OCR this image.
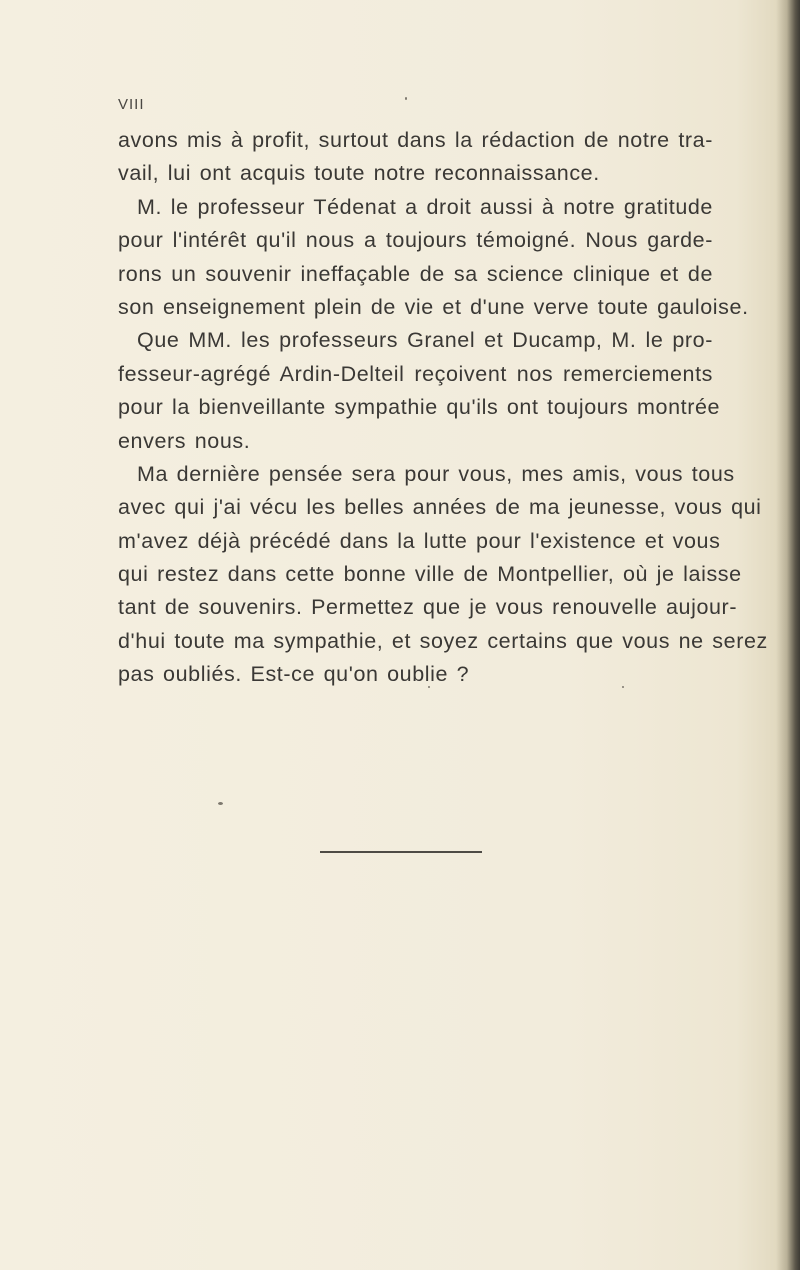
VIII
avons mis à profit, surtout dans la rédaction de notre tra-
vail, lui ont acquis toute notre reconnaissance.
M. le professeur Tédenat a droit aussi à notre gratitude
pour l'intérêt qu'il nous a toujours témoigné. Nous garde-
rons un souvenir ineffaçable de sa science clinique et de
son enseignement plein de vie et d'une verve toute gauloise.
Que MM. les professeurs Granel et Ducamp, M. le pro-
fesseur-agrégé Ardin-Delteil reçoivent nos remerciements
pour la bienveillante sympathie qu'ils ont toujours montrée
envers nous.
Ma dernière pensée sera pour vous, mes amis, vous tous
avec qui j'ai vécu les belles années de ma jeunesse, vous qui
m'avez déjà précédé dans la lutte pour l'existence et vous
qui restez dans cette bonne ville de Montpellier, où je laisse
tant de souvenirs. Permettez que je vous renouvelle aujour-
d'hui toute ma sympathie, et soyez certains que vous ne serez
pas oubliés. Est-ce qu'on oublie ?
